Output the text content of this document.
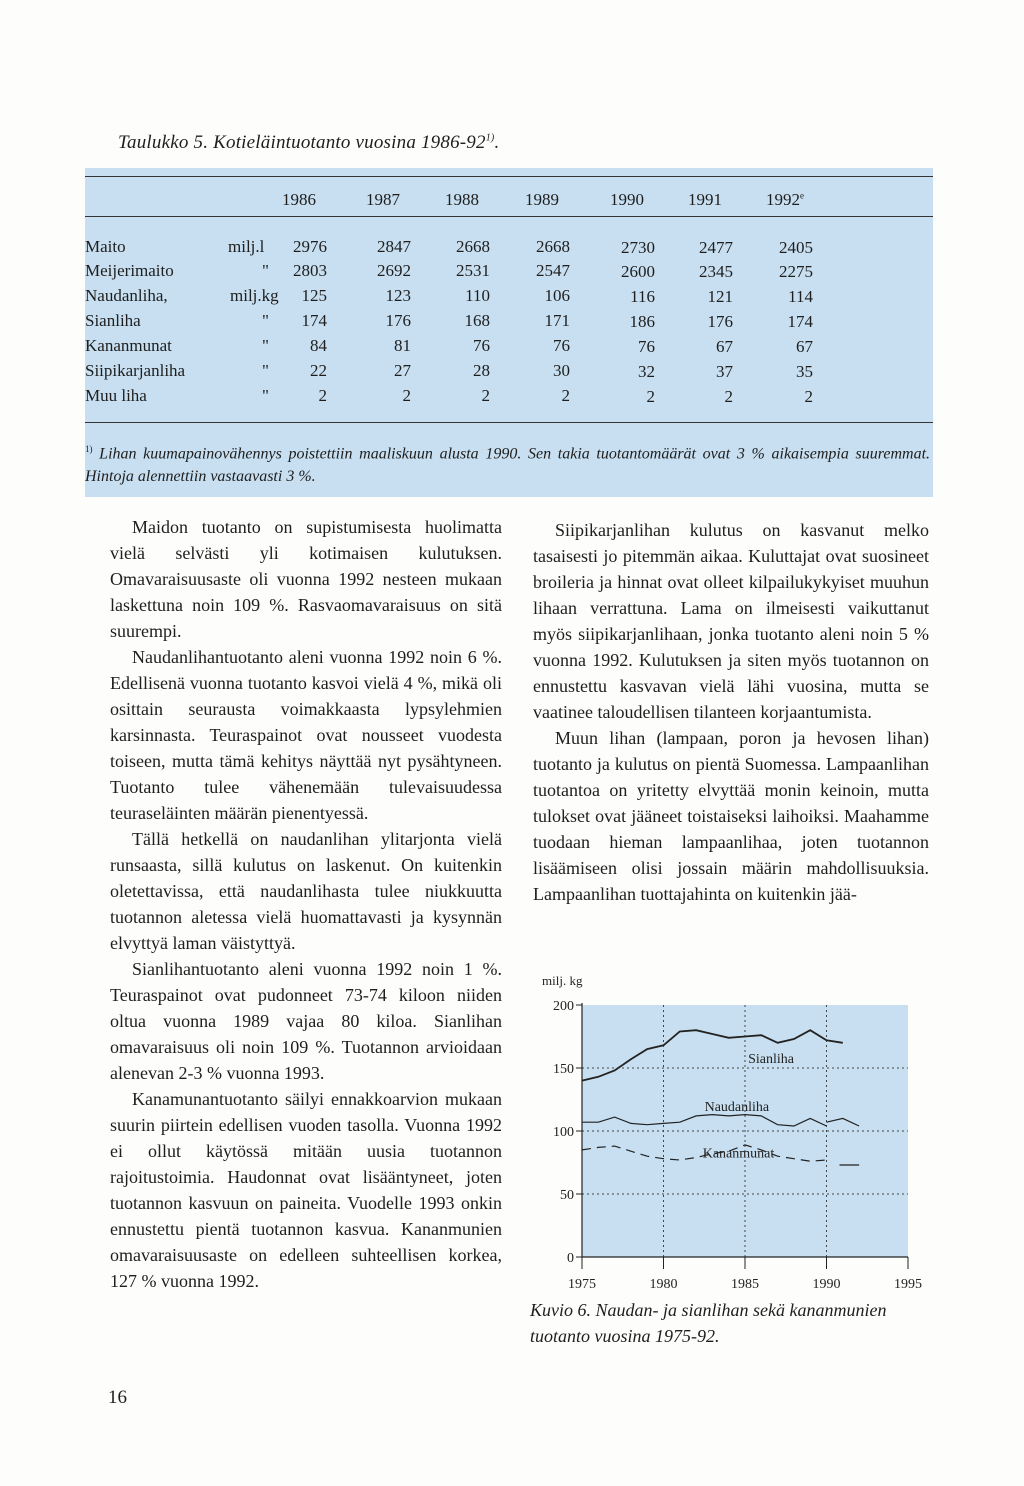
Taulukko 5. Kotieläintuotanto vuosina 1986-92$^{1)}$.
1986	1987	1988	1989	1990	1991	1992e
Maito	milj.l	2976	2847	2668	2668	2730	2477	2405
Meijerimaito	"	2803	2692	2531	2547	2600	2345	2275
Naudanliha,	milj.kg	125	123	110	106	116	121	114
Sianliha	"	174	176	168	171	186	176	174
Kananmunat	"	84	81	76	76	76	67	67
Siipikarjanliha	"	22	27	28	30	32	37	35
Muu liha	"	2	2	2	2	2	2	2
$^{1)}$ Lihan kuumapainovähennys poistettiin maaliskuun alusta 1990. Sen takia tuotantomäärät ovat 3 % aikaisempia suuremmat. Hintoja alennettiin vastaavasti 3 %.

Maidon tuotanto on supistumisesta huolimatta vielä selvästi yli kotimaisen kulutuksen. Omavaraisuusaste oli vuonna 1992 nesteen mukaan laskettuna noin 109 %. Rasvaomavaraisuus on sitä suurempi.

Naudanlihantuotanto aleni vuonna 1992 noin 6 %. Edellisenä vuonna tuotanto kasvoi vielä 4 %, mikä oli osittain seurausta voimakkaasta lypsylehmien karsinnasta. Teuraspainot ovat nousseet vuodesta toiseen, mutta tämä kehitys näyttää nyt pysähtyneen. Tuotanto tulee vähenemään tulevaisuudessa teuraseläinten määrän pienentyessä.

Tällä hetkellä on naudanlihan ylitarjonta vielä runsaasta, sillä kulutus on laskenut. On kuitenkin oletettavissa, että naudanlihasta tulee niukkuutta tuotannon aletessa vielä huomattavasti ja kysynnän elvyttyä laman väistyttyä.

Sianlihantuotanto aleni vuonna 1992 noin 1 %. Teuraspainot ovat pudonneet 73-74 kiloon niiden oltua vuonna 1989 vajaa 80 kiloa. Sianlihan omavaraisuus oli noin 109 %. Tuotannon arvioidaan alenevan 2-3 % vuonna 1993.

Kanamunantuotanto säilyi ennakkoarvion mukaan suurin piirtein edellisen vuoden tasolla. Vuonna 1992 ei ollut käytössä mitään uusia tuotannon rajoitustoimia. Haudonnat ovat lisääntyneet, joten tuotannon kasvuun on paineita. Vuodelle 1993 onkin ennustettu pientä tuotannon kasvua. Kananmunien omavaraisuusaste on edelleen suhteellisen korkea, 127 % vuonna 1992.

Siipikarjanlihan kulutus on kasvanut melko tasaisesti jo pitemmän aikaa. Kuluttajat ovat suosineet broileria ja hinnat ovat olleet kilpailukykyiset muuhun lihaan verrattuna. Lama on ilmeisesti vaikuttanut myös siipikarjanlihaan, jonka tuotanto aleni noin 5 % vuonna 1992. Kulutuksen ja siten myös tuotannon on ennustettu kasvavan vielä lähi vuosina, mutta se vaatinee taloudellisen tilanteen korjaantumista.

Muun lihan (lampaan, poron ja hevosen lihan) tuotanto ja kulutus on pientä Suomessa. Lampaanlihan tuotantoa on yritetty elvyttää monin keinoin, mutta tulokset ovat jääneet toistaiseksi laihoiksi. Maahamme tuodaan hieman lampaanlihaa, joten tuotannon lisäämiseen olisi jossain määrin mahdollisuuksia. Lampaanlihan tuottajahinta on kuitenkin jää-

0
50
100
150
200
1975	1980	1985	1990	1995
milj. kg
Sianliha
Naudanliha
Kananmunat
Kuvio 6. Naudan- ja sianlihan sekä kananmunien tuotanto vuosina 1975-92.
16
